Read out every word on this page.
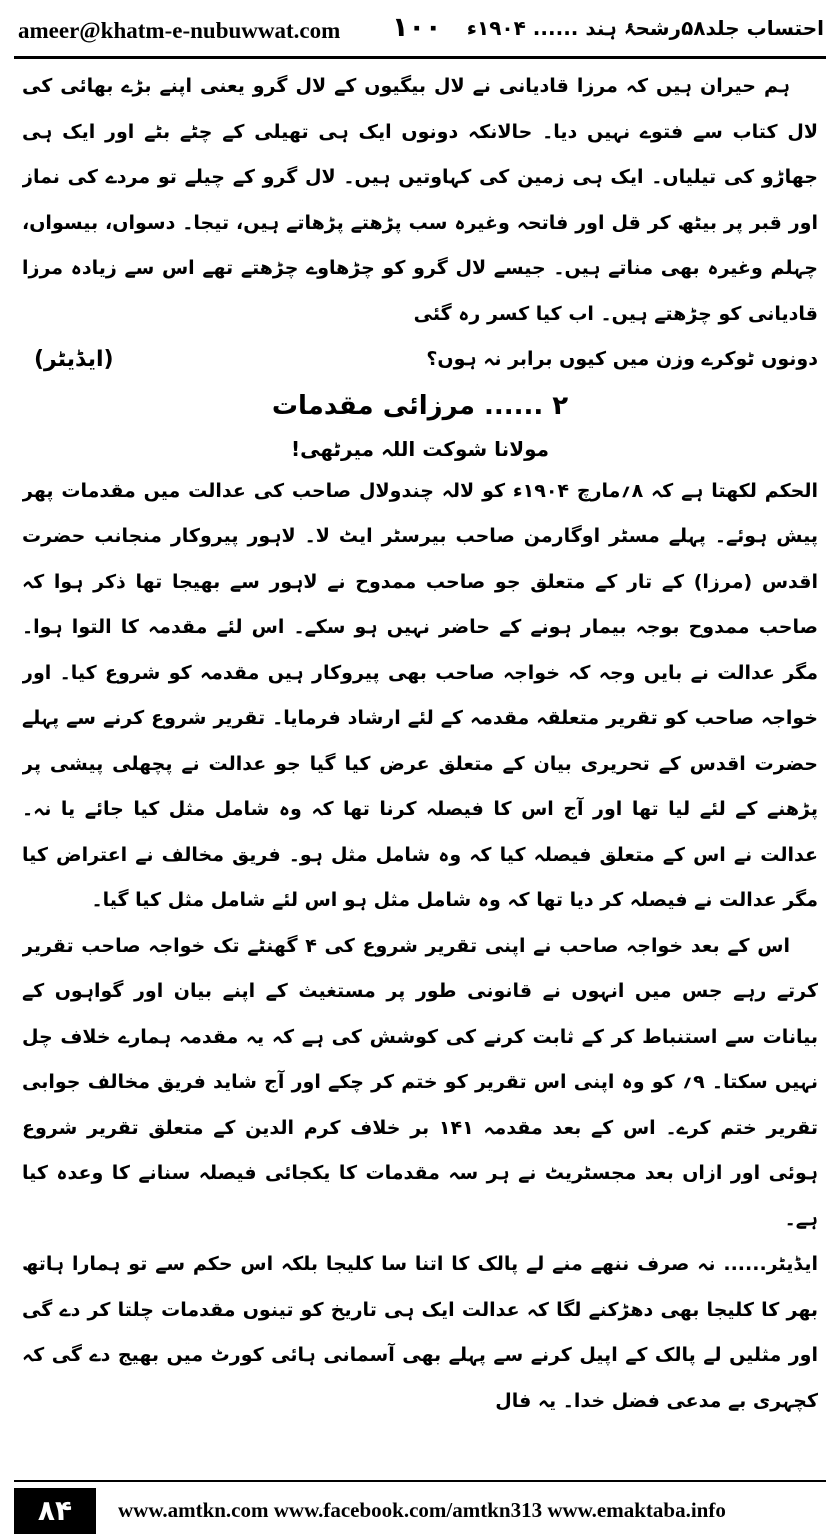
ameer@khatm-e-nubuwwat.com ۱۰۰ احتساب جلد۵۸رشحۂ ہند ...... ۱۹۰۴ء

ہم حیران ہیں کہ مرزا قادیانی نے لال بیگیوں کے لال گرو یعنی اپنے بڑے بھائی کی لال کتاب سے فتوے نہیں دیا۔ حالانکہ دونوں ایک ہی تھیلی کے چٹے بٹے اور ایک ہی جھاڑو کی تیلیاں۔ ایک ہی زمین کی کہاوتیں ہیں۔ لال گرو کے چیلے تو مردے کی نماز اور قبر پر بیٹھ کر قل اور فاتحہ وغیرہ سب پڑھتے پڑھاتے ہیں، تیجا۔ دسواں، بیسواں، چہلم وغیرہ بھی مناتے ہیں۔ جیسے لال گرو کو چڑھاوے چڑھتے تھے اس سے زیادہ مرزا قادیانی کو چڑھتے ہیں۔ اب کیا کسر رہ گئی

دونوں ٹوکرے وزن میں کیوں برابر نہ ہوں؟
(ایڈیٹر)
۲ ...... مرزائی مقدمات
مولانا شوکت اللہ میرٹھی!

الحکم لکھتا ہے کہ ۸؍مارچ ۱۹۰۴ء کو لالہ چندولال صاحب کی عدالت میں مقدمات پھر پیش ہوئے۔ پہلے مسٹر اوگارمن صاحب بیرسٹر ایٹ لا۔ لاہور پیروکار منجانب حضرت اقدس (مرزا) کے تار کے متعلق جو صاحب ممدوح نے لاہور سے بھیجا تھا ذکر ہوا کہ صاحب ممدوح بوجہ بیمار ہونے کے حاضر نہیں ہو سکے۔ اس لئے مقدمہ کا التوا ہوا۔ مگر عدالت نے بایں وجہ کہ خواجہ صاحب بھی پیروکار ہیں مقدمہ کو شروع کیا۔ اور خواجہ صاحب کو تقریر متعلقہ مقدمہ کے لئے ارشاد فرمایا۔ تقریر شروع کرنے سے پہلے حضرت اقدس کے تحریری بیان کے متعلق عرض کیا گیا جو عدالت نے پچھلی پیشی پر پڑھنے کے لئے لیا تھا اور آج اس کا فیصلہ کرنا تھا کہ وہ شامل مثل کیا جائے یا نہ۔ عدالت نے اس کے متعلق فیصلہ کیا کہ وہ شامل مثل ہو۔ فریق مخالف نے اعتراض کیا مگر عدالت نے فیصلہ کر دیا تھا کہ وہ شامل مثل ہو اس لئے شامل مثل کیا گیا۔

اس کے بعد خواجہ صاحب نے اپنی تقریر شروع کی ۴ گھنٹے تک خواجہ صاحب تقریر کرتے رہے جس میں انہوں نے قانونی طور پر مستغیث کے اپنے بیان اور گواہوں کے بیانات سے استنباط کر کے ثابت کرنے کی کوشش کی ہے کہ یہ مقدمہ ہمارے خلاف چل نہیں سکتا۔ ۹؍ کو وہ اپنی اس تقریر کو ختم کر چکے اور آج شاید فریق مخالف جوابی تقریر ختم کرے۔ اس کے بعد مقدمہ ۱۴۱ بر خلاف کرم الدین کے متعلق تقریر شروع ہوئی اور ازاں بعد مجسٹریٹ نے ہر سہ مقدمات کا یکجائی فیصلہ سنانے کا وعدہ کیا ہے۔

ایڈیٹر...... نہ صرف ننھے منے لے پالک کا اتنا سا کلیجا بلکہ اس حکم سے تو ہمارا ہاتھ بھر کا کلیجا بھی دھڑکنے لگا کہ عدالت ایک ہی تاریخ کو تینوں مقدمات چلتا کر دے گی اور مثلیں لے پالک کے اپیل کرنے سے پہلے بھی آسمانی ہائی کورٹ میں بھیج دے گی کہ کچہری بے مدعی فضل خدا۔ یہ فال

۸۴	www.amtkn.com www.facebook.com/amtkn313 www.emaktaba.info
